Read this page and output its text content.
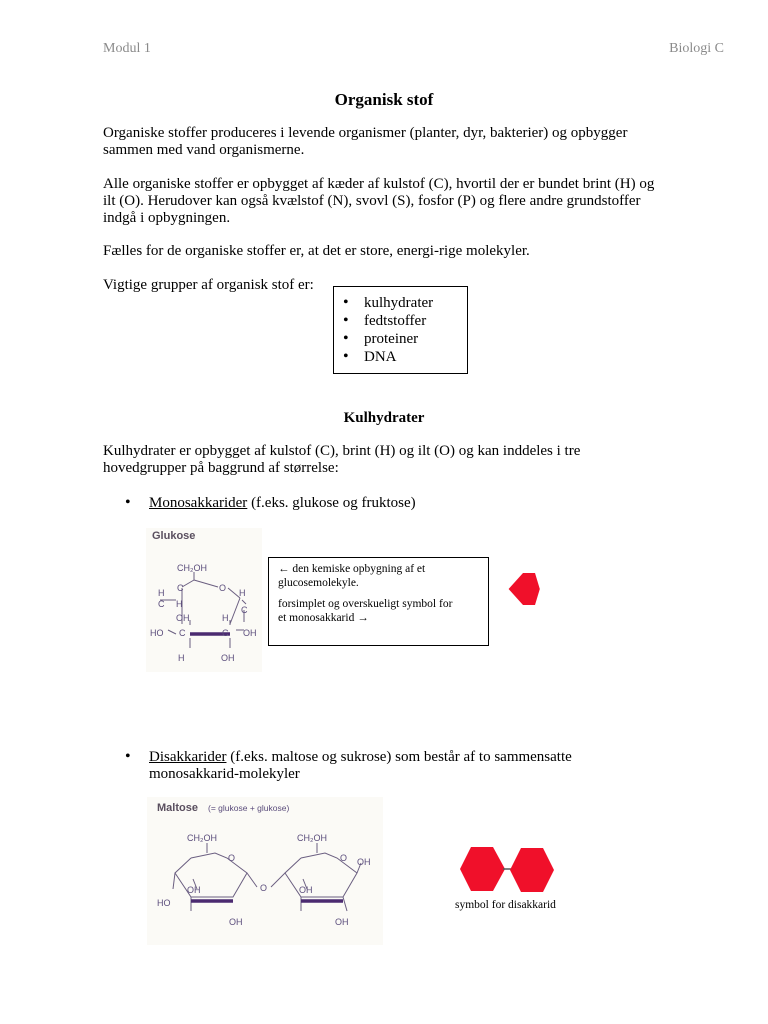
Modul 1	Biologi C
Organisk stof
Organiske stoffer produceres i levende organismer (planter, dyr, bakterier) og opbygger
sammen med vand organismerne.
Alle organiske stoffer er opbygget af kæder af kulstof (C), hvortil der er bundet brint (H) og
ilt (O). Herudover kan også kvælstof (N), svovl (S), fosfor (P) og flere andre grundstoffer
indgå i opbygningen.
Fælles for de organiske stoffer er, at det er store, energi-rige molekyler.
Vigtige grupper af organisk stof er:
• kulhydrater
• fedtstoffer
• proteiner
• DNA
Kulhydrater
Kulhydrater er opbygget af kulstof (C), brint (H) og ilt (O) og kan inddeles i tre
hovedgrupper på baggrund af størrelse:
• Monosakkarider (f.eks. glukose og fruktose)
Glukose
CH₂OH
C	O
H
H
H
C
C
OH	H
HO C	C OH
H	OH
← den kemiske opbygning af et
glucosemolekyle.
forsimplet og overskueligt symbol for
et monosakkarid →
• Disakkarider (f.eks. maltose og sukrose) som består af to sammensatte
monosakkarid-molekyler
Maltose (= glukose + glukose)
CH₂OH	CH₂OH
O	O OH
OH	OH
O
HO
OH	OH
symbol for disakkarid
